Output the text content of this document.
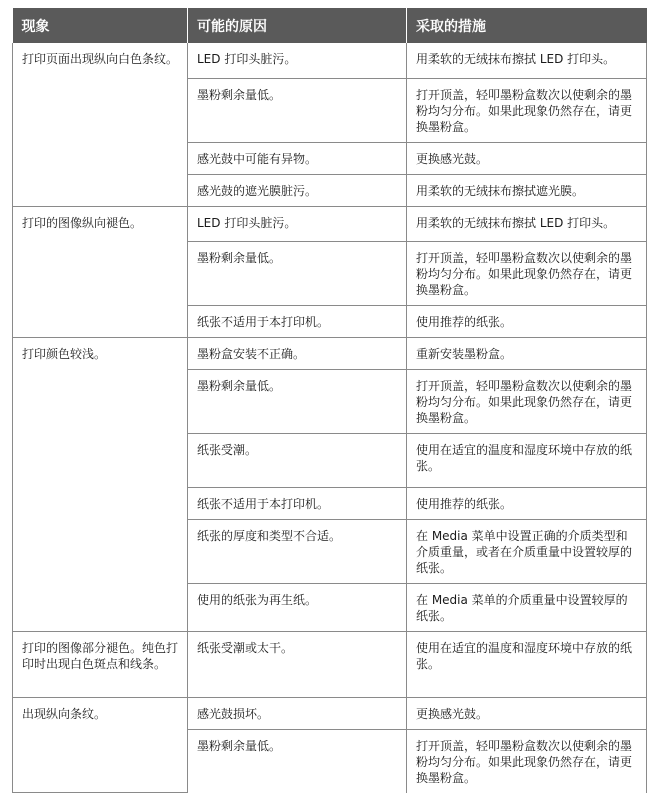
现象	可能的原因	采取的措施
打印页面出现纵向白色条纹。	LED 打印头脏污。	用柔软的无绒抹布擦拭 LED 打印头。
	墨粉剩余量低。	打开顶盖，轻叩墨粉盒数次以使剩余的墨粉均匀分布。如果此现象仍然存在，请更换墨粉盒。
	感光鼓中可能有异物。	更换感光鼓。
	感光鼓的遮光膜脏污。	用柔软的无绒抹布擦拭遮光膜。
打印的图像纵向褪色。	LED 打印头脏污。	用柔软的无绒抹布擦拭 LED 打印头。
	墨粉剩余量低。	打开顶盖，轻叩墨粉盒数次以使剩余的墨粉均匀分布。如果此现象仍然存在，请更换墨粉盒。
	纸张不适用于本打印机。	使用推荐的纸张。
打印颜色较浅。	墨粉盒安装不正确。	重新安装墨粉盒。
	墨粉剩余量低。	打开顶盖，轻叩墨粉盒数次以使剩余的墨粉均匀分布。如果此现象仍然存在，请更换墨粉盒。
	纸张受潮。	使用在适宜的温度和湿度环境中存放的纸张。
	纸张不适用于本打印机。	使用推荐的纸张。
	纸张的厚度和类型不合适。	在 Media 菜单中设置正确的介质类型和介质重量，或者在介质重量中设置较厚的纸张。
	使用的纸张为再生纸。	在 Media 菜单的介质重量中设置较厚的纸张。
打印的图像部分褪色。纯色打印时出现白色斑点和线条。	纸张受潮或太干。	使用在适宜的温度和湿度环境中存放的纸张。
出现纵向条纹。	感光鼓损坏。	更换感光鼓。
	墨粉剩余量低。	打开顶盖，轻叩墨粉盒数次以使剩余的墨粉均匀分布。如果此现象仍然存在，请更换墨粉盒。
